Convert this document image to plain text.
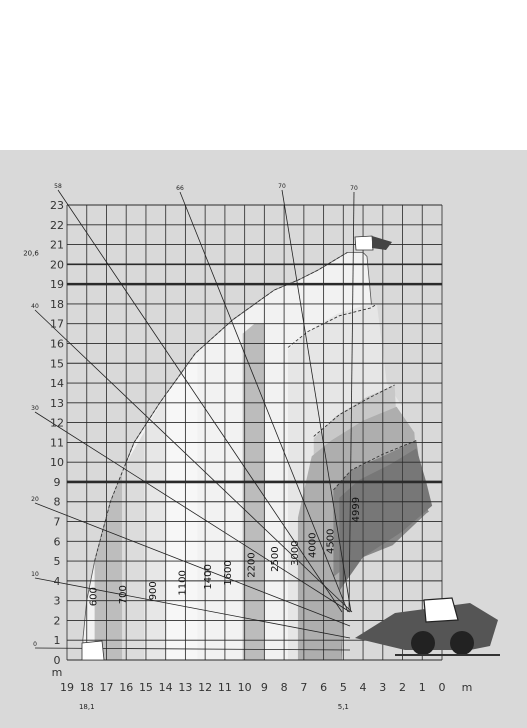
58	66	70	70
40
30
20
10
0
23
22
21
20
19
18
17
16
15
14
13
12
11
10
9
8
7
6
5
4
3
2
1
0
19 18 17 16 15 14 13 12 11 10 9 8 7 6 5 4 3 2 1 0 m
m
20,6
18,1	5,1
600 700 900 1100 1400 1600 2200 2500 3000 4000 4500
4999
